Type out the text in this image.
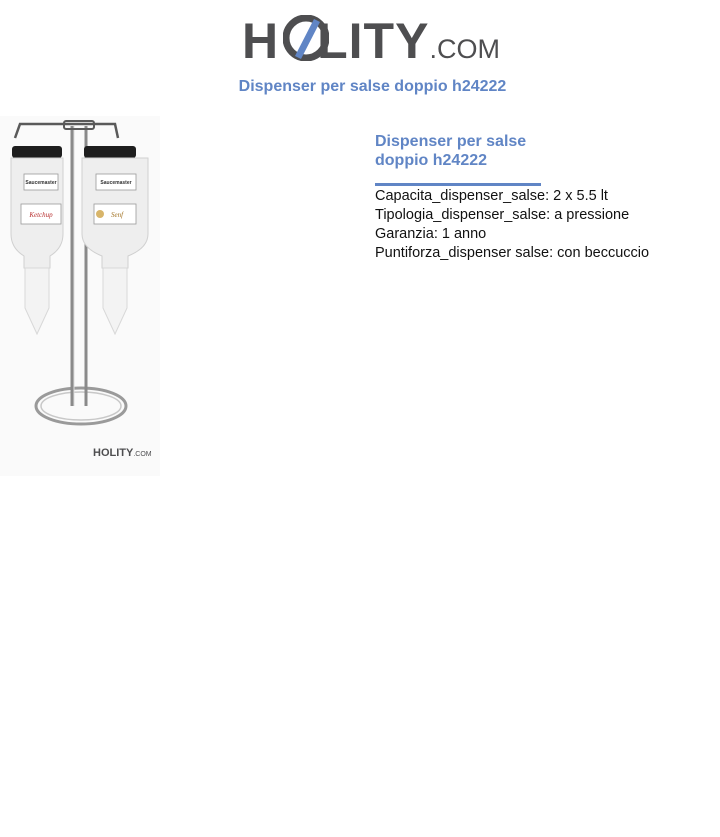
H LITY.COM
Dispenser per salse doppio h24222
Ketchup
Saucemaster
Senf
Saucemaster
HOLITY.COM
Dispenser per salse doppio h24222
Capacita_dispenser_salse: 2 x 5.5 lt
Tipologia_dispenser_salse: a pressione
Garanzia: 1 anno
Puntiforza_dispenser salse: con beccuccio
